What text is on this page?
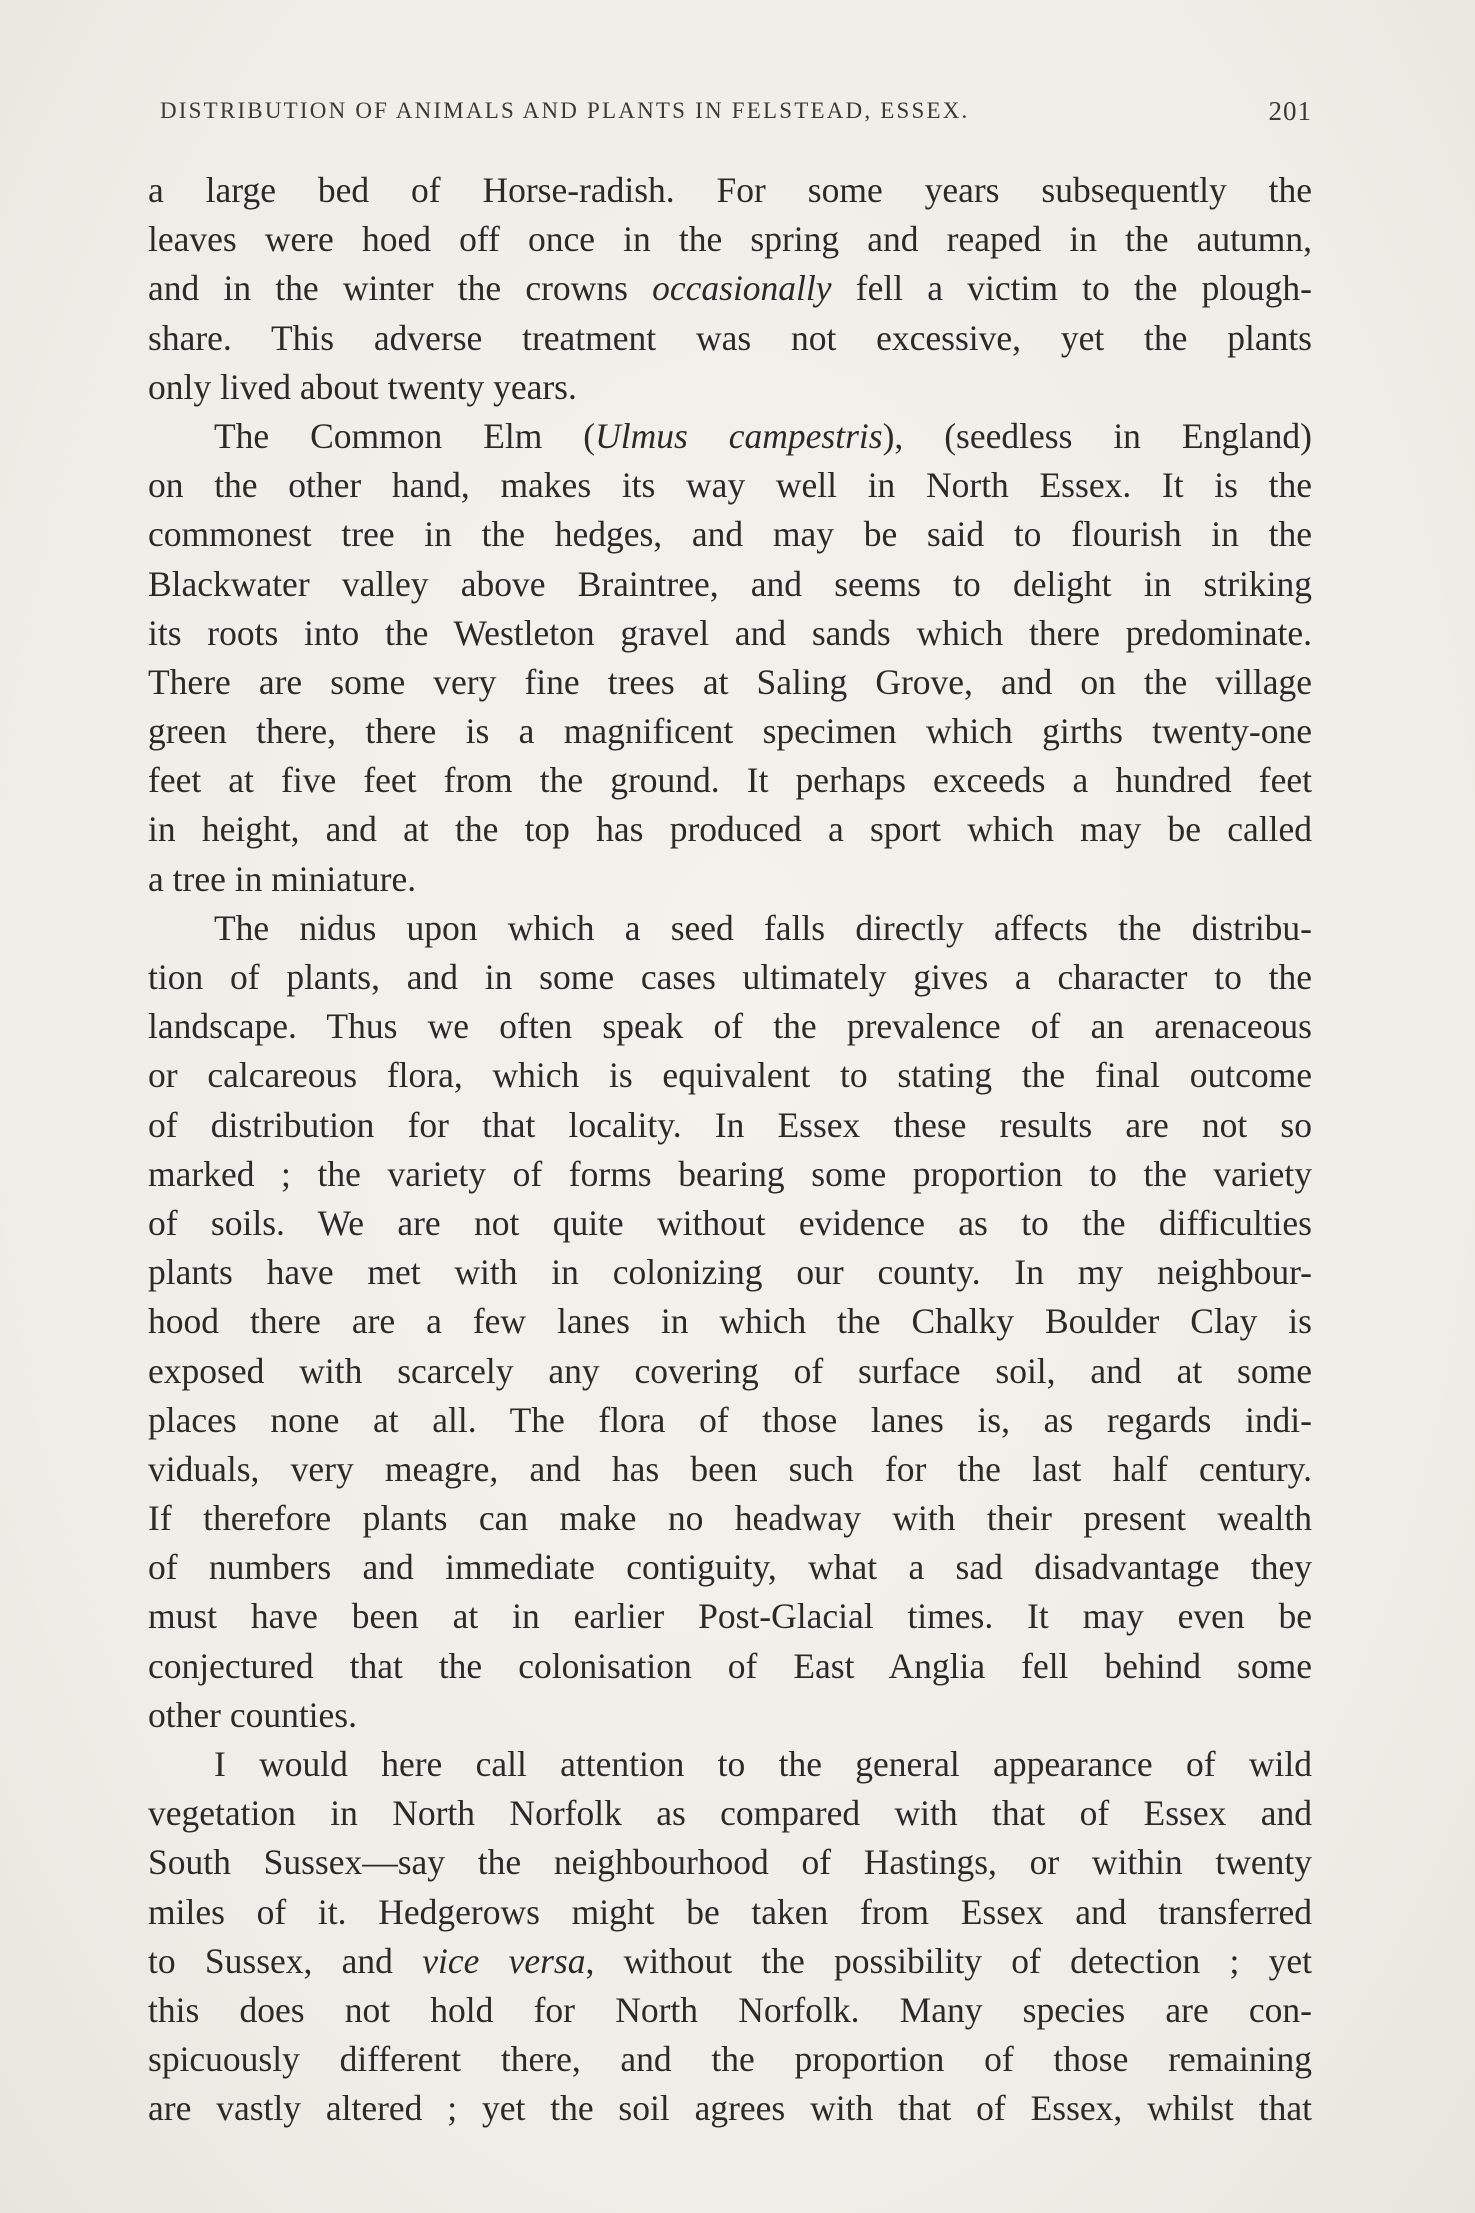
DISTRIBUTION OF ANIMALS AND PLANTS IN FELSTEAD, ESSEX.	201
a large bed of Horse-radish. For some years subsequently the
leaves were hoed off once in the spring and reaped in the autumn,
and in the winter the crowns occasionally fell a victim to the plough-
share. This adverse treatment was not excessive, yet the plants
only lived about twenty years.
The Common Elm (Ulmus campestris), (seedless in England)
on the other hand, makes its way well in North Essex. It is the
commonest tree in the hedges, and may be said to flourish in the
Blackwater valley above Braintree, and seems to delight in striking
its roots into the Westleton gravel and sands which there predominate.
There are some very fine trees at Saling Grove, and on the village
green there, there is a magnificent specimen which girths twenty-one
feet at five feet from the ground. It perhaps exceeds a hundred feet
in height, and at the top has produced a sport which may be called
a tree in miniature.
The nidus upon which a seed falls directly affects the distribu-
tion of plants, and in some cases ultimately gives a character to the
landscape. Thus we often speak of the prevalence of an arenaceous
or calcareous flora, which is equivalent to stating the final outcome
of distribution for that locality. In Essex these results are not so
marked ; the variety of forms bearing some proportion to the variety
of soils. We are not quite without evidence as to the difficulties
plants have met with in colonizing our county. In my neighbour-
hood there are a few lanes in which the Chalky Boulder Clay is
exposed with scarcely any covering of surface soil, and at some
places none at all. The flora of those lanes is, as regards indi-
viduals, very meagre, and has been such for the last half century.
If therefore plants can make no headway with their present wealth
of numbers and immediate contiguity, what a sad disadvantage they
must have been at in earlier Post-Glacial times. It may even be
conjectured that the colonisation of East Anglia fell behind some
other counties.
I would here call attention to the general appearance of wild
vegetation in North Norfolk as compared with that of Essex and
South Sussex—say the neighbourhood of Hastings, or within twenty
miles of it. Hedgerows might be taken from Essex and transferred
to Sussex, and vice versa, without the possibility of detection ; yet
this does not hold for North Norfolk. Many species are con-
spicuously different there, and the proportion of those remaining
are vastly altered ; yet the soil agrees with that of Essex, whilst that
